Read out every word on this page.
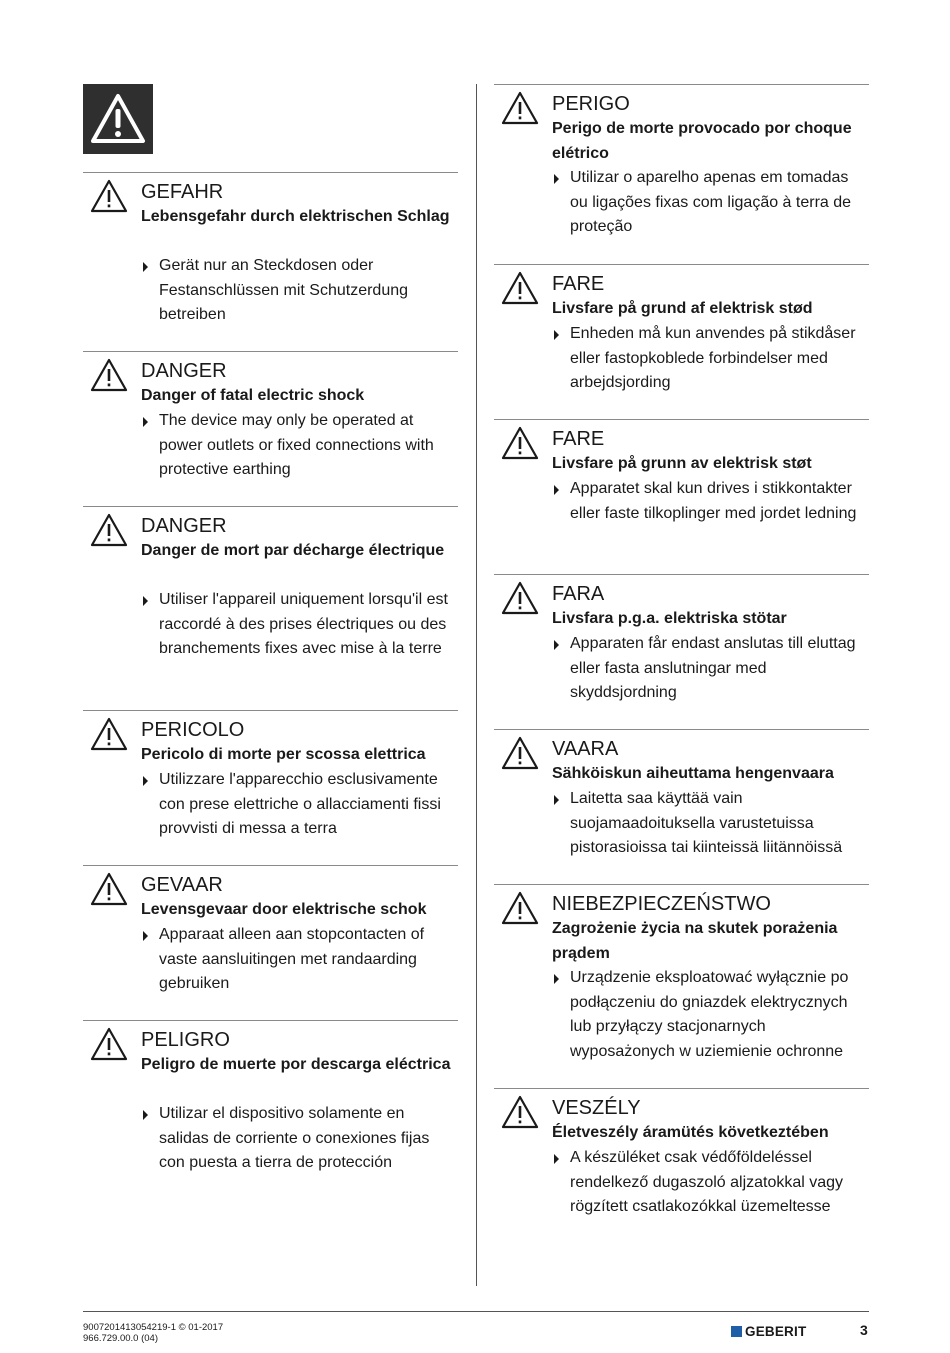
GEFAHR
Lebensgefahr durch elektrischen Schlag
Gerät nur an Steckdosen oder Festanschlüssen mit Schutzerdung betreiben
DANGER
Danger of fatal electric shock
The device may only be operated at power outlets or fixed connections with protective earthing
DANGER
Danger de mort par décharge électrique
Utiliser l'appareil uniquement lorsqu'il est raccordé à des prises électriques ou des branchements fixes avec mise à la terre
PERICOLO
Pericolo di morte per scossa elettrica
Utilizzare l'apparecchio esclusivamente con prese elettriche o allacciamenti fissi provvisti di messa a terra
GEVAAR
Levensgevaar door elektrische schok
Apparaat alleen aan stopcontacten of vaste aansluitingen met randaarding gebruiken
PELIGRO
Peligro de muerte por descarga eléctrica
Utilizar el dispositivo solamente en salidas de corriente o conexiones fijas con puesta a tierra de protección
PERIGO
Perigo de morte provocado por choque elétrico
Utilizar o aparelho apenas em tomadas ou ligações fixas com ligação à terra de proteção
FARE
Livsfare på grund af elektrisk stød
Enheden må kun anvendes på stikdåser eller fastopkoblede forbindelser med arbejdsjording
FARE
Livsfare på grunn av elektrisk støt
Apparatet skal kun drives i stikkontakter eller faste tilkoplinger med jordet ledning
FARA
Livsfara p.g.a. elektriska stötar
Apparaten får endast anslutas till eluttag eller fasta anslutningar med skyddsjordning
VAARA
Sähköiskun aiheuttama hengenvaara
Laitetta saa käyttää vain suojamaadoituksella varustetuissa pistorasioissa tai kiinteissä liitännöissä
NIEBEZPIECZEŃSTWO
Zagrożenie życia na skutek porażenia prądem
Urządzenie eksploatować wyłącznie po podłączeniu do gniazdek elektrycznych lub przyłączy stacjonarnych wyposażonych w uziemienie ochronne
VESZÉLY
Életveszély áramütés következtében
A készüléket csak védőföldeléssel rendelkező dugaszoló aljzatokkal vagy rögzített csatlakozókkal üzemeltesse
9007201413054219-1 © 01-2017
966.729.00.0 (04)	GEBERIT	3
